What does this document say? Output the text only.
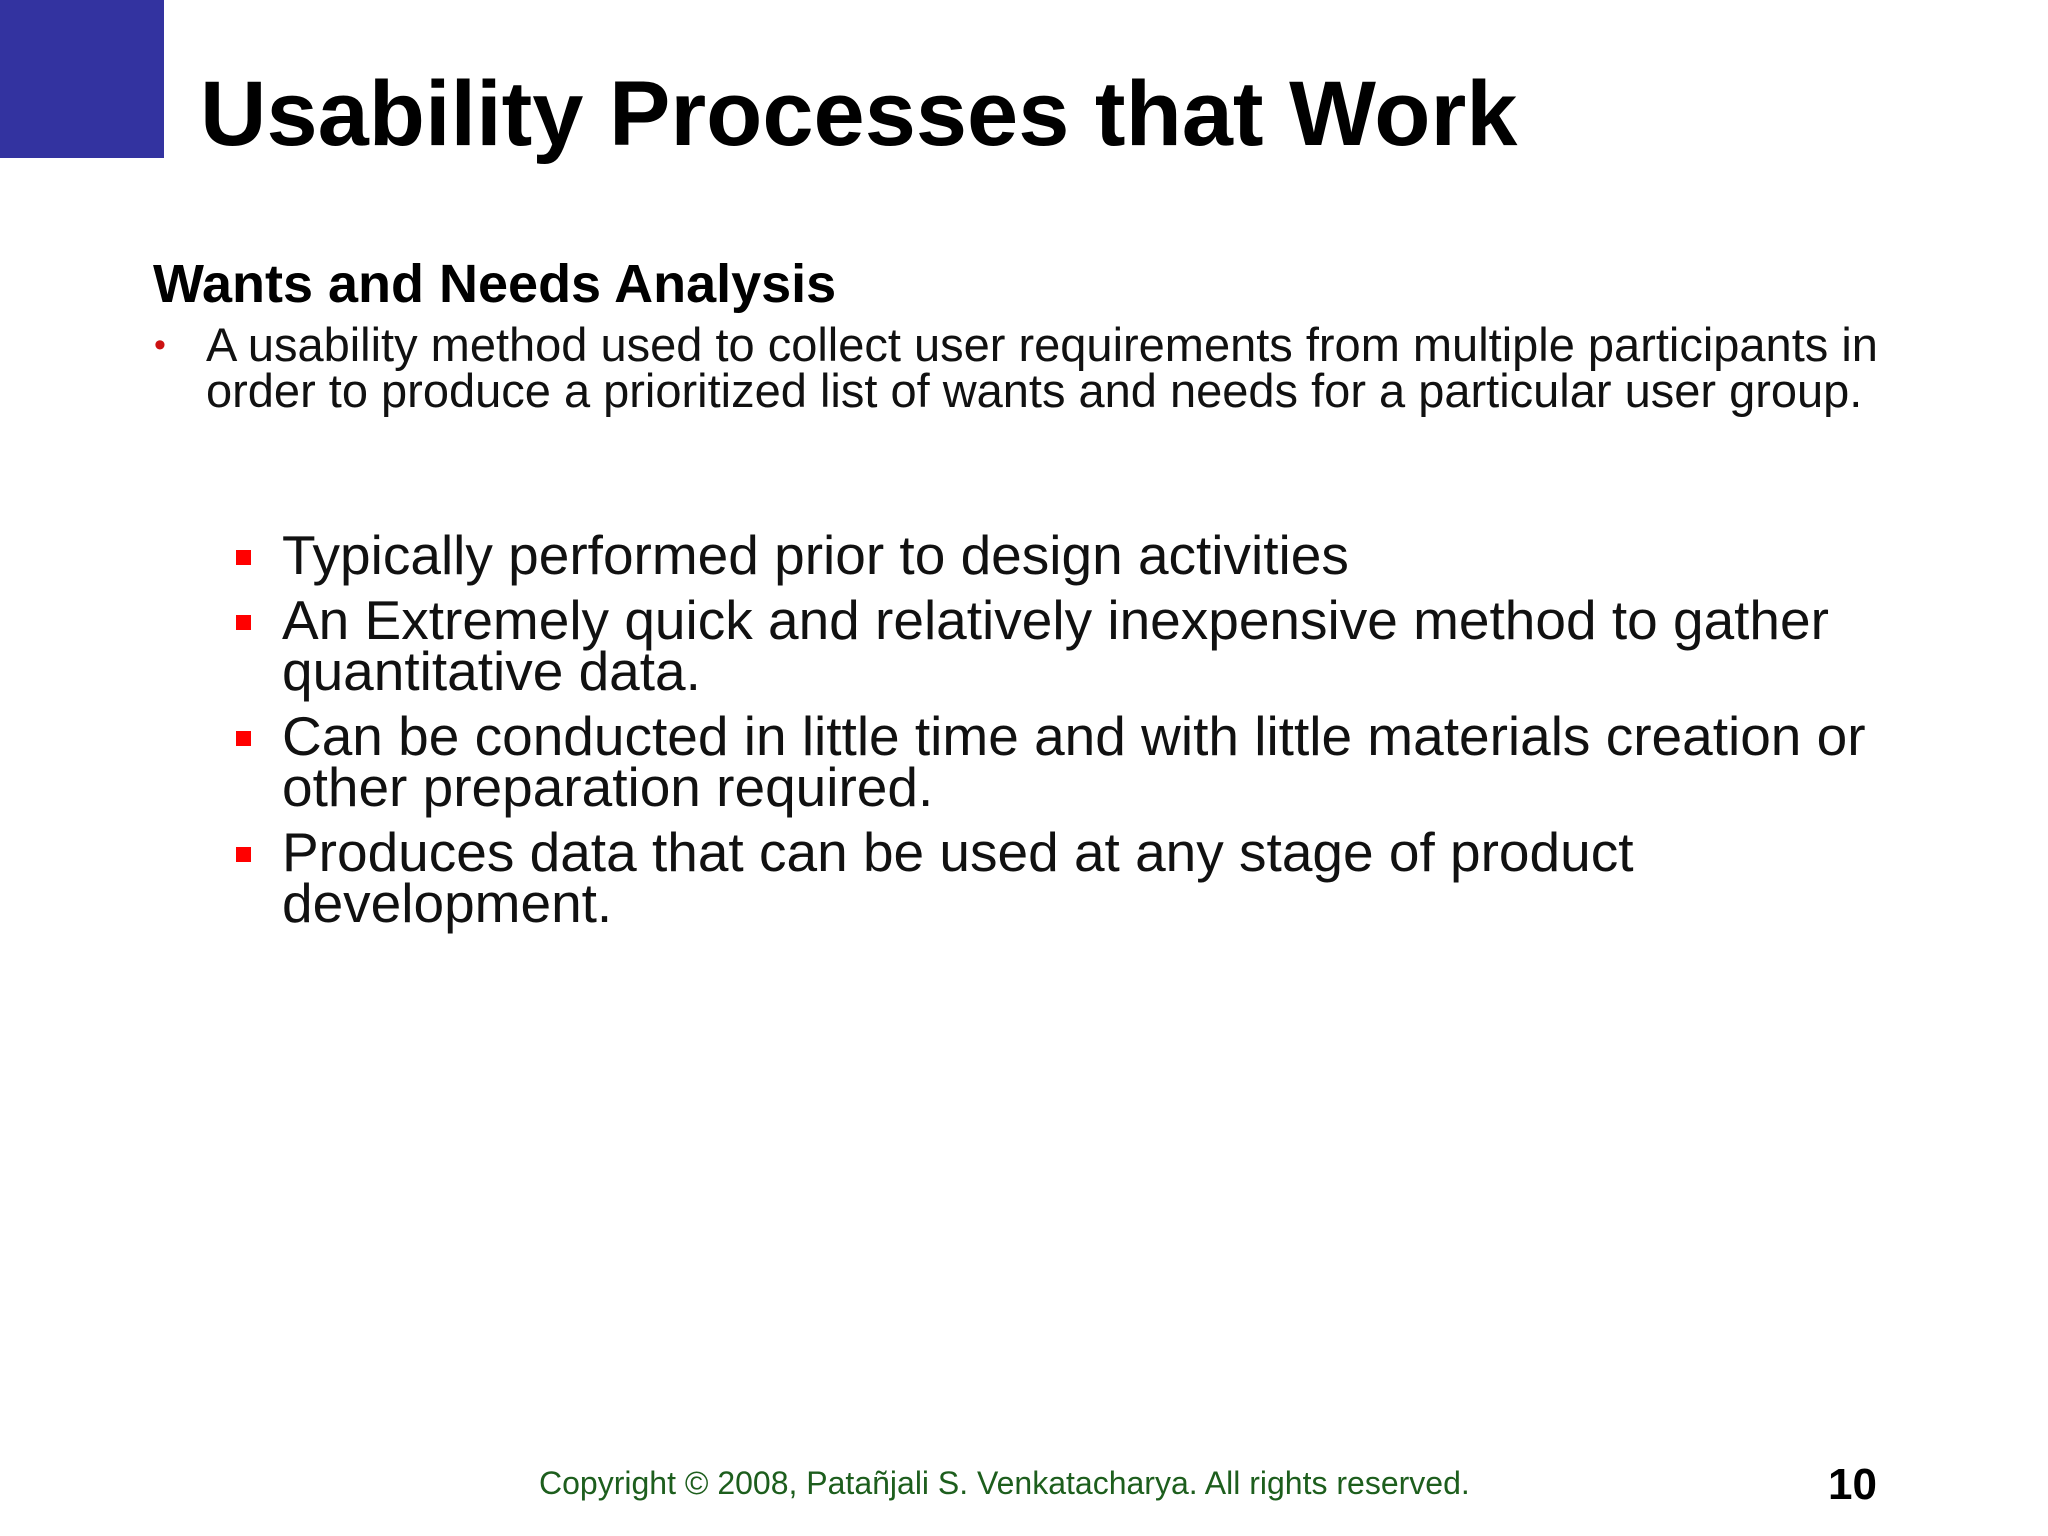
Usability Processes that Work
Wants and Needs Analysis
• A usability method used to collect user requirements from multiple participants in order to produce a prioritized list of wants and needs for a particular user group.

Typically performed prior to design activities
An Extremely quick and relatively inexpensive method to gather quantitative data.
Can be conducted in little time and with little materials creation or other preparation required.
Produces data that can be used at any stage of product development.

Copyright © 2008, Patañjali S. Venkatacharya. All rights reserved.	10
